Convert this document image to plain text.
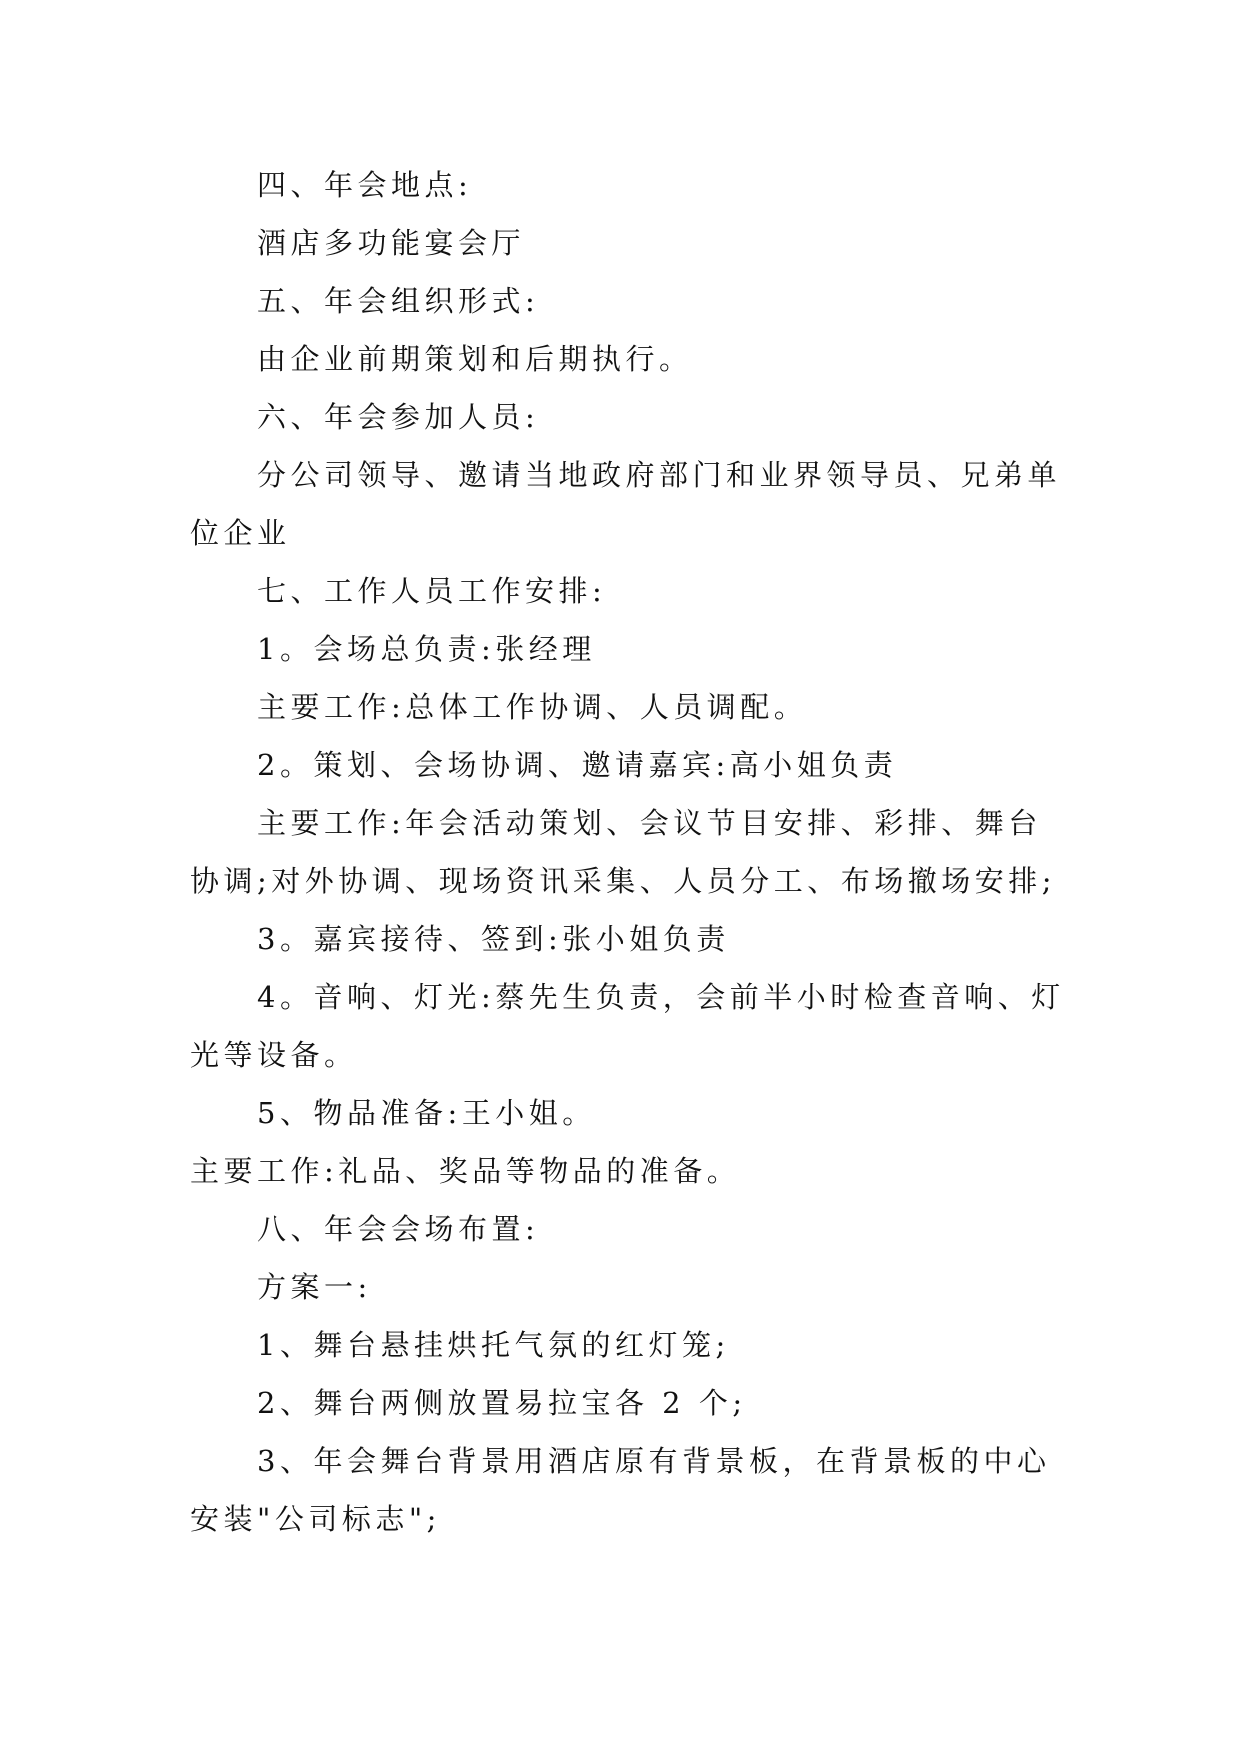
四、年会地点:
酒店多功能宴会厅
五、年会组织形式:
由企业前期策划和后期执行。
六、年会参加人员:
分公司领导、邀请当地政府部门和业界领导员、兄弟单
位企业
七、工作人员工作安排:
1。会场总负责:张经理
主要工作:总体工作协调、人员调配。
2。策划、会场协调、邀请嘉宾:高小姐负责
主要工作:年会活动策划、会议节目安排、彩排、舞台
协调;对外协调、现场资讯采集、人员分工、布场撤场安排;
3。嘉宾接待、签到:张小姐负责
4。音响、灯光:蔡先生负责，会前半小时检查音响、灯
光等设备。
5、物品准备:王小姐。
主要工作:礼品、奖品等物品的准备。
八、年会会场布置:
方案一:
1、舞台悬挂烘托气氛的红灯笼;
2、舞台两侧放置易拉宝各 2 个;
3、年会舞台背景用酒店原有背景板，在背景板的中心
安装"公司标志";
